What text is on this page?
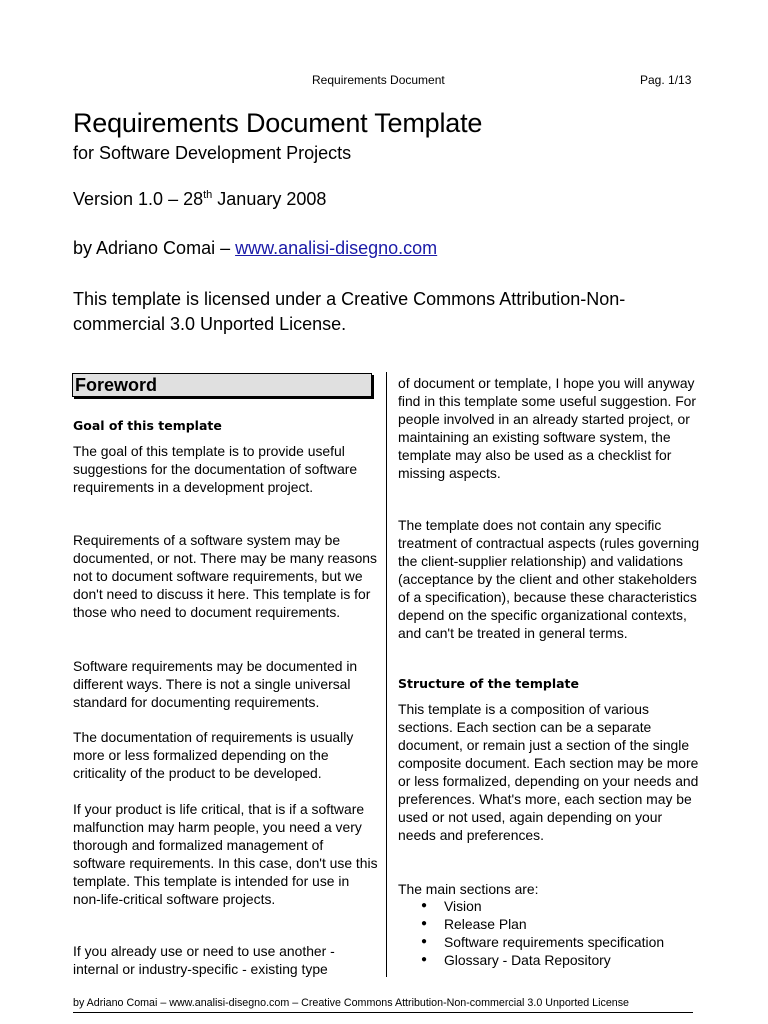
Requirements Document	Pag. 1/13
Requirements Document Template
for Software Development Projects
Version 1.0 – 28th January 2008
by Adriano Comai – www.analisi-disegno.com
This template is licensed under a Creative Commons Attribution-Non-commercial 3.0 Unported License.
Foreword
Goal of this template

The goal of this template is to provide useful suggestions for the documentation of software requirements in a development project.

Requirements of a software system may be documented, or not. There may be many reasons not to document software requirements, but we don't need to discuss it here. This template is for those who need to document requirements.

Software requirements may be documented in different ways. There is not a single universal standard for documenting requirements.

The documentation of requirements is usually more or less formalized depending on the criticality of the product to be developed.

If your product is life critical, that is if a software malfunction may harm people, you need a very thorough and formalized management of software requirements. In this case, don't use this template. This template is intended for use in non-life-critical software projects.

If you already use or need to use another - internal or industry-specific - existing type

of document or template, I hope you will anyway find in this template some useful suggestion. For people involved in an already started project, or maintaining an existing software system, the template may also be used as a checklist for missing aspects.

The template does not contain any specific treatment of contractual aspects (rules governing the client-supplier relationship) and validations (acceptance by the client and other stakeholders of a specification), because these characteristics depend on the specific organizational contexts, and can't be treated in general terms.

Structure of the template

This template is a composition of various sections. Each section can be a separate document, or remain just a section of the single composite document. Each section may be more or less formalized, depending on your needs and preferences. What's more, each section may be used or not used, again depending on your needs and preferences.

The main sections are:

● Vision
● Release Plan
● Software requirements specification
● Glossary - Data Repository
by Adriano Comai – www.analisi-disegno.com – Creative Commons Attribution-Non-commercial 3.0 Unported License
